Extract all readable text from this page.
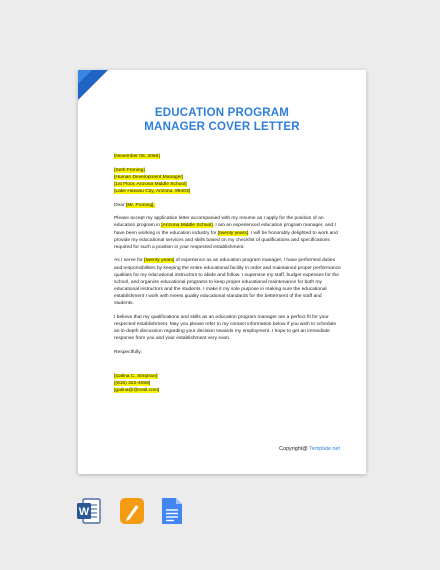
EDUCATION PROGRAM
MANAGER COVER LETTER
[November 05, 2065]
[Seth Froning]
[Human Development Manager]
[1st Floor, Arizona Middle School]
[Lake Havasu City, Arizona, 86403]
Dear [Mr. Froning],
Please accept my application letter accompanied with my resume as I apply for the position of an education program in [Arizona Middle School]. I am an experienced education program manager, and I have been working in the education industry for [twenty years]. I will be honorably delighted to work and provide my educational services and skills based on my checklist of qualifications and specifications required for such a position in your respected establishment.
As I serve for [twenty years] of experience as an education program manager, I have performed duties and responsibilities by keeping the entire educational facility in order and maintained proper performance qualities for my educational instructors to abide and follow. I supervise my staff, budget expenses for the school, and organize educational programs to keep proper educational maintenance for both my educational instructors and the students. I make it my sole purpose in making sure the educational establishment I work with meets quality educational standards for the betterment of the staff and students.
I believe that my qualifications and skills as an education program manager are a perfect fit for your respected establishment. May you please refer to my contact information below if you wish to schedule an in-depth discussion regarding your decision towards my employment. I hope to get an immediate response from you and your establishment very soon.
Respectfully,
[Galina C. Simpson]
[(815) 322-4058]
[galina@@mail.com]
Copyright@ Template.net
W
